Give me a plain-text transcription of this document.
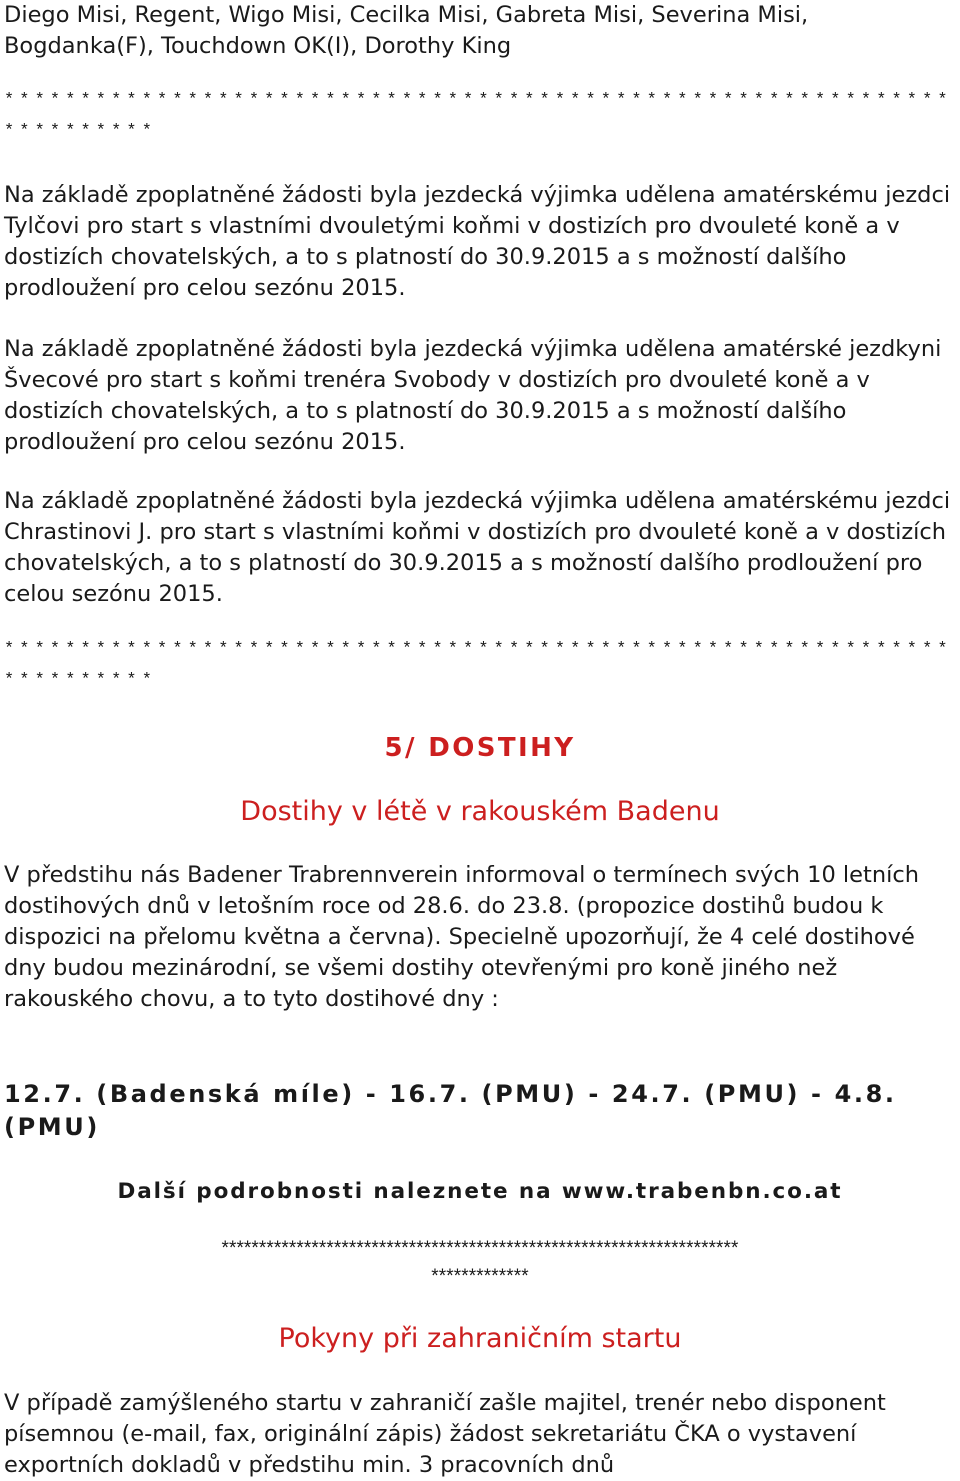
Diego Misi, Regent, Wigo Misi, Cecilka Misi, Gabreta Misi, Severina Misi, Bogdanka(F), Touchdown OK(I), Dorothy King

**************************************************************
**********

Na základě zpoplatněné žádosti byla jezdecká výjimka udělena amatérskému jezdci Tylčovi pro start s vlastními dvouletými koňmi v dostizích pro dvouleté koně a v dostizích chovatelských, a to s platností do 30.9.2015 a s možností dalšího prodloužení pro celou sezónu 2015.

Na základě zpoplatněné žádosti byla jezdecká výjimka udělena amatérské jezdkyni Švecové pro start s koňmi trenéra Svobody v dostizích pro dvouleté koně a v dostizích chovatelských, a to s platností do 30.9.2015 a s možností dalšího prodloužení pro celou sezónu 2015.

Na základě zpoplatněné žádosti byla jezdecká výjimka udělena amatérskému jezdci Chrastinovi J. pro start s vlastními koňmi v dostizích pro dvouleté koně a v dostizích chovatelských, a to s platností do 30.9.2015 a s možností dalšího prodloužení pro celou sezónu 2015.

**************************************************************
**********
5/ DOSTIHY
Dostihy v létě v rakouském Badenu

V předstihu nás Badener Trabrennverein informoval o termínech svých 10 letních dostihových dnů v letošním roce od 28.6. do 23.8. (propozice dostihů budou k dispozici na přelomu května a června). Specielně upozorňují, že 4 celé dostihové dny budou mezinárodní, se všemi dostihy otevřenými pro koně jiného než rakouského chovu, a to tyto dostihové dny :

12.7. (Badenská míle) - 16.7. (PMU) - 24.7. (PMU) - 4.8. (PMU)

Další podrobnosti naleznete na www.trabenbn.co.at

*********************************************************************
*************
Pokyny při zahraničním startu

V případě zamýšleného startu v zahraničí zašle majitel, trenér nebo disponent písemnou (e-mail, fax, originální zápis) žádost sekretariátu ČKA o vystavení exportních dokladů v předstihu min. 3 pracovních dnů
